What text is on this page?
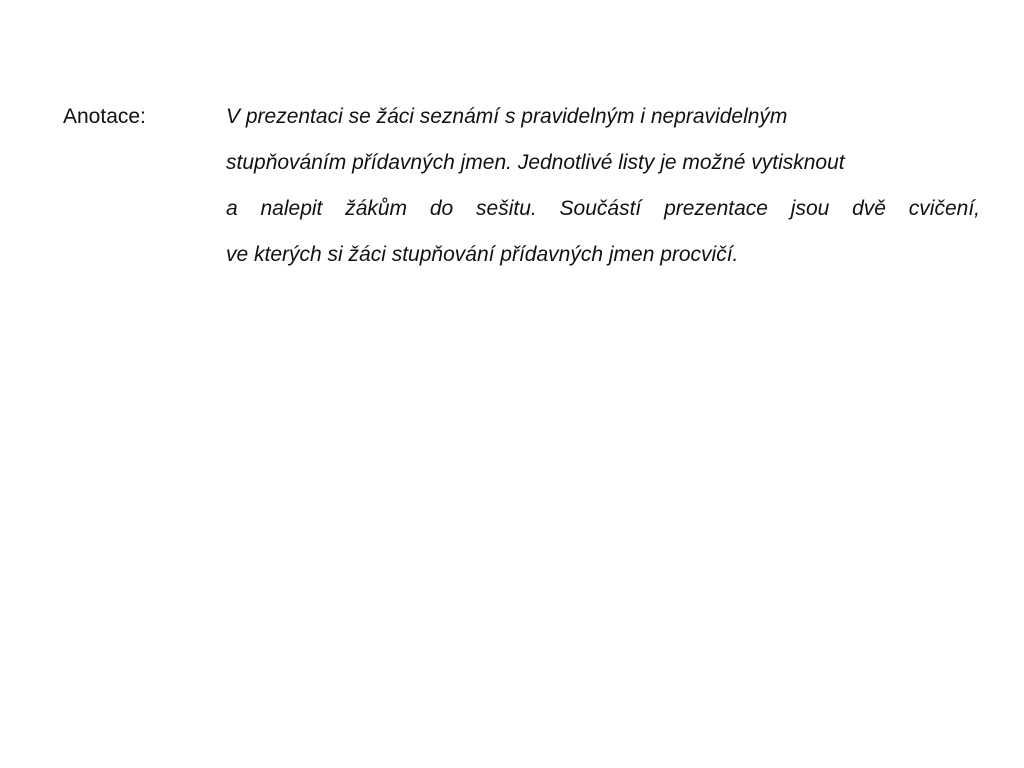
Anotace:	V prezentaci se žáci seznámí s pravidelným i nepravidelným
stupňováním přídavných jmen. Jednotlivé listy je možné vytisknout
a nalepit žákům do sešitu. Součástí prezentace jsou dvě cvičení,
ve kterých si žáci stupňování přídavných jmen procvičí.
